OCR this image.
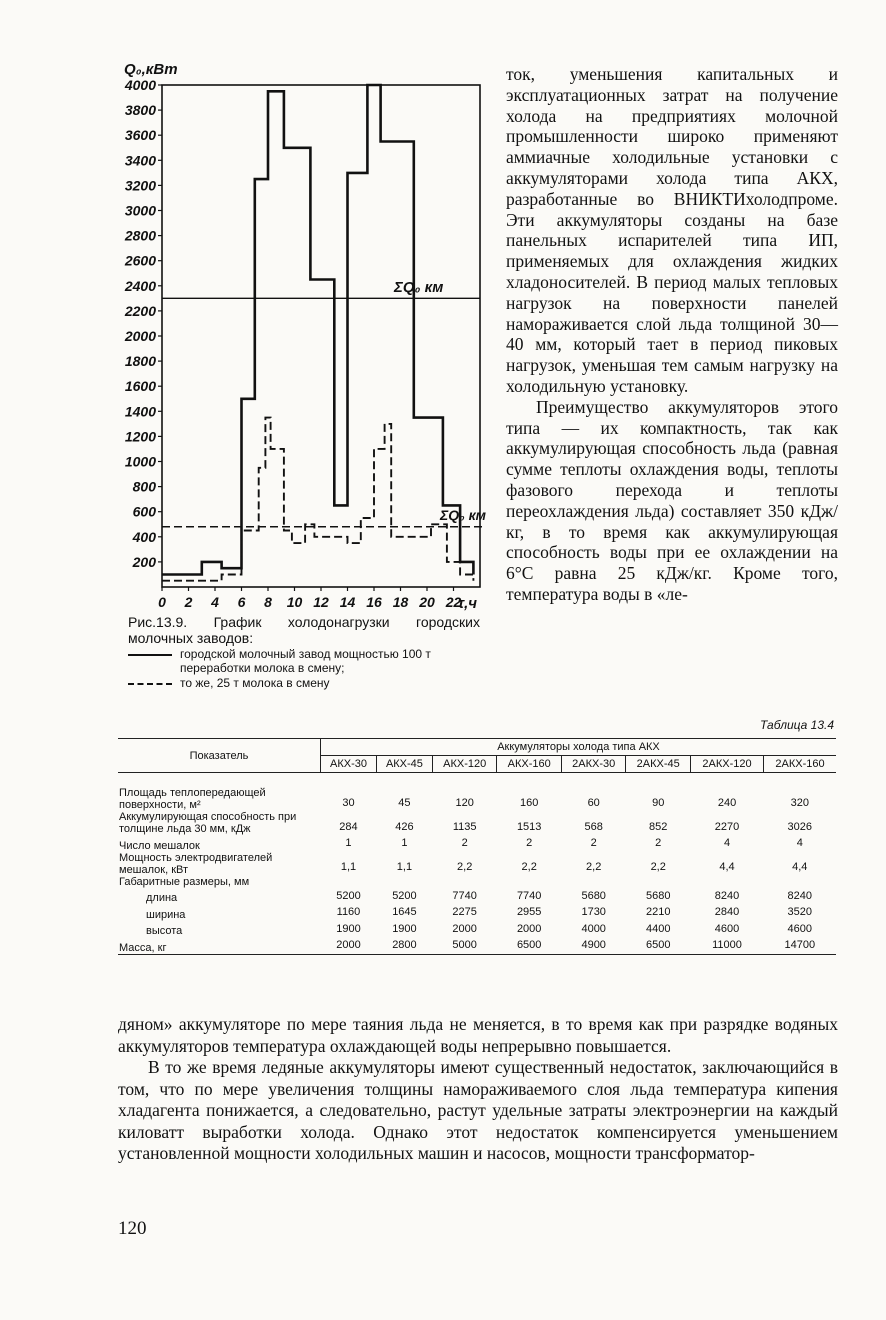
200
400
600
800
1000
1200
1400
1600
1800
2000
2200
2400
2600
2800
3000
3200
3400
3600
3800
4000
0 2 4 6 8 10 12 14 16 18 20 22
Q₀,кВт
τ,ч
ΣQ₀ км
ΣQ₀ км
Рис.13.9. График холодонагрузки городских молочных заводов:
городской молочный завод мощностью 100 т переработки молока в смену;
то же, 25 т молока в смену

ток, уменьшения капитальных и эксплуатационных затрат на получение холода на предприятиях молочной промышленности широко применяют аммиачные холодильные установки с аккумуляторами холода типа АКХ, разработанные во ВНИКТИхолодпроме. Эти аккумуляторы созданы на базе панельных испарителей типа ИП, применяемых для охлаждения жидких хладоносителей. В период малых тепловых нагрузок на поверхности панелей намораживается слой льда толщиной 30—40 мм, который тает в период пиковых нагрузок, уменьшая тем самым нагрузку на холодильную установку.

Преимущество аккумуляторов этого типа — их компактность, так как аккумулирующая способность льда (равная сумме теплоты охлаждения воды, теплоты фазового перехода и теплоты переохлаждения льда) составляет 350 кДж/кг, в то время как аккумулирующая способность воды при ее охлаждении на 6°С равна 25 кДж/кг. Кроме того, температура воды в «ле-

Таблица 13.4
Показатель	Аккумуляторы холода типа АКХ							
	АКХ-30	АКХ-45	АКХ-120	АКХ-160	2АКХ-30	2АКХ-45	2АКХ-120	2АКХ-160

Площадь теплопередающей поверхности, м²	30	45	120	160	60	90	240	320
Аккумулирующая способность при толщине льда 30 мм, кДж	284	426	1135	1513	568	852	2270	3026
Число мешалок	1	1	2	2	2	2	4	4
Мощность электродвигателей мешалок, кВт	1,1	1,1	2,2	2,2	2,2	2,2	4,4	4,4
Габаритные размеры, мм								
длина	5200	5200	7740	7740	5680	5680	8240	8240
ширина	1160	1645	2275	2955	1730	2210	2840	3520
высота	1900	1900	2000	2000	4000	4400	4600	4600
Масса, кг	2000	2800	5000	6500	4900	6500	11000	14700

дяном» аккумуляторе по мере таяния льда не меняется, в то время как при разрядке водяных аккумуляторов температура охлаждающей воды непрерывно повышается.

В то же время ледяные аккумуляторы имеют существенный недостаток, заключающийся в том, что по мере увеличения толщины намораживаемого слоя льда температура кипения хладагента понижается, а следовательно, растут удельные затраты электроэнергии на каждый киловатт выработки холода. Однако этот недостаток компенсируется уменьшением установленной мощности холодильных машин и насосов, мощности трансформатор-

120
